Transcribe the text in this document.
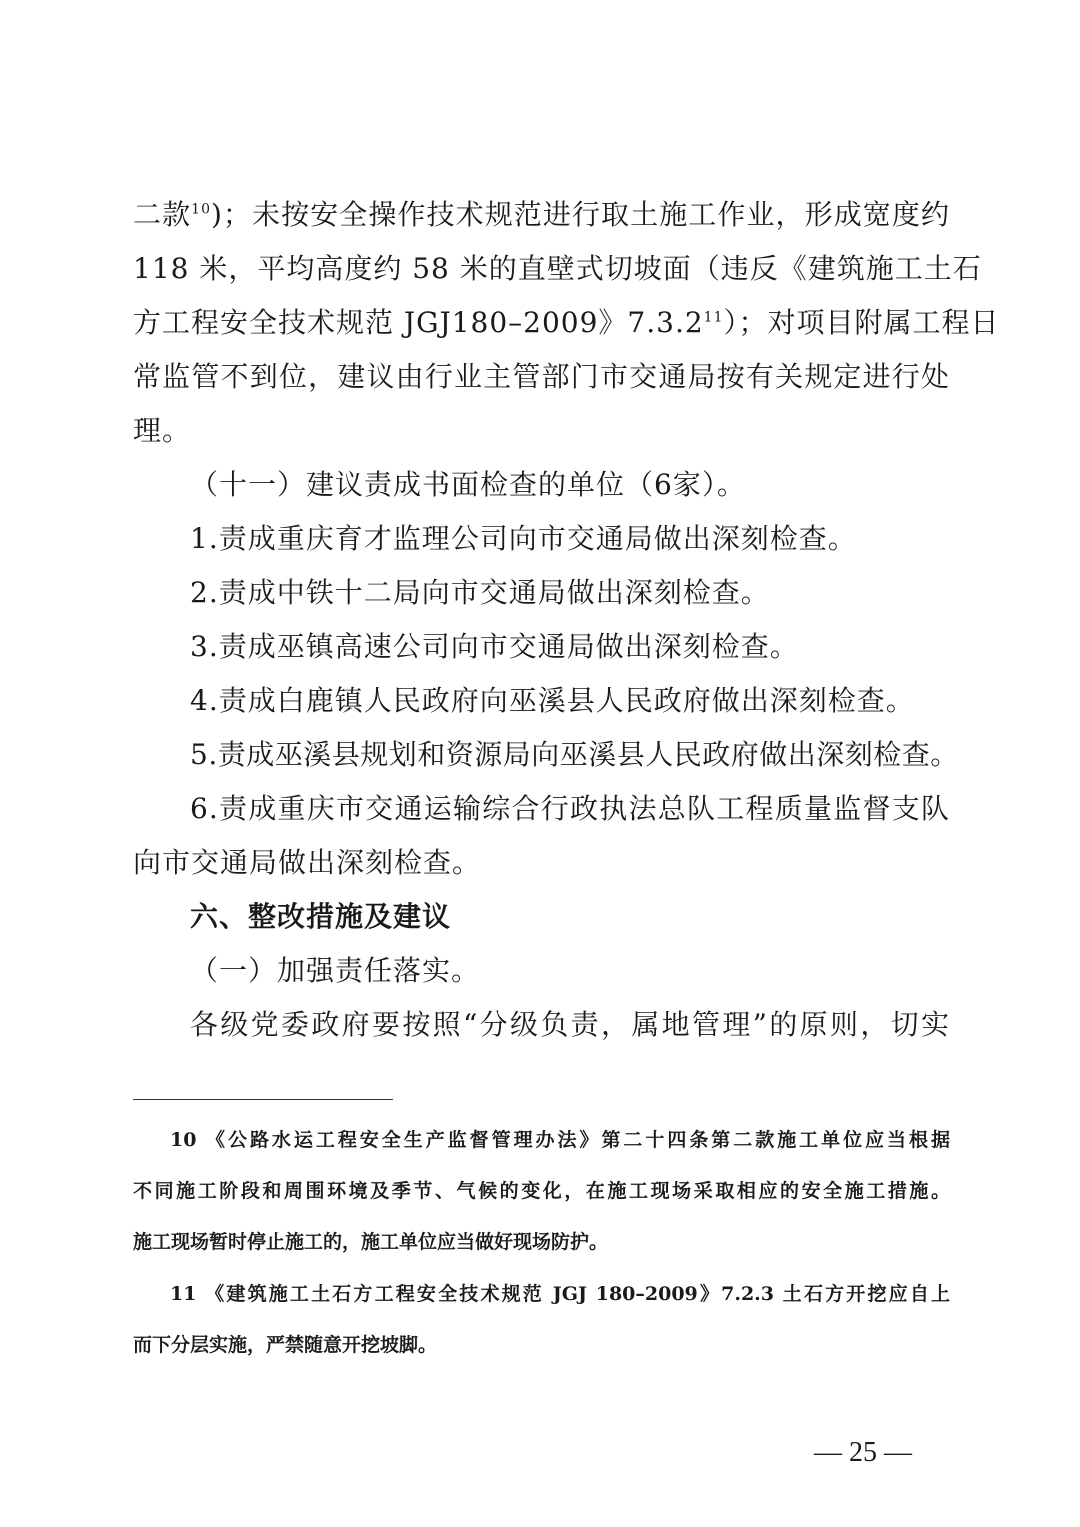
二款$^{10}$)；未按安全操作技术规范进行取土施工作业，形成宽度约
118 米，平均高度约 58 米的直壁式切坡面（违反《建筑施工土石
方工程安全技术规范 JGJ180–2009》7.3.2$^{11}$）；对项目附属工程日
常监管不到位，建议由行业主管部门市交通局按有关规定进行处
理。
（十一）建议责成书面检查的单位（6家）。
1.责成重庆育才监理公司向市交通局做出深刻检查。
2.责成中铁十二局向市交通局做出深刻检查。
3.责成巫镇高速公司向市交通局做出深刻检查。
4.责成白鹿镇人民政府向巫溪县人民政府做出深刻检查。
5.责成巫溪县规划和资源局向巫溪县人民政府做出深刻检查。
6.责成重庆市交通运输综合行政执法总队工程质量监督支队
向市交通局做出深刻检查。
六、整改措施及建议
（一）加强责任落实。
各级党委政府要按照“分级负责，属地管理”的原则，切实
10 《公路水运工程安全生产监督管理办法》第二十四条第二款施工单位应当根据
不同施工阶段和周围环境及季节、气候的变化，在施工现场采取相应的安全施工措施。
施工现场暂时停止施工的，施工单位应当做好现场防护。
11 《建筑施工土石方工程安全技术规范 JGJ 180–2009》7.2.3 土石方开挖应自上
而下分层实施，严禁随意开挖坡脚。
— 25 —
